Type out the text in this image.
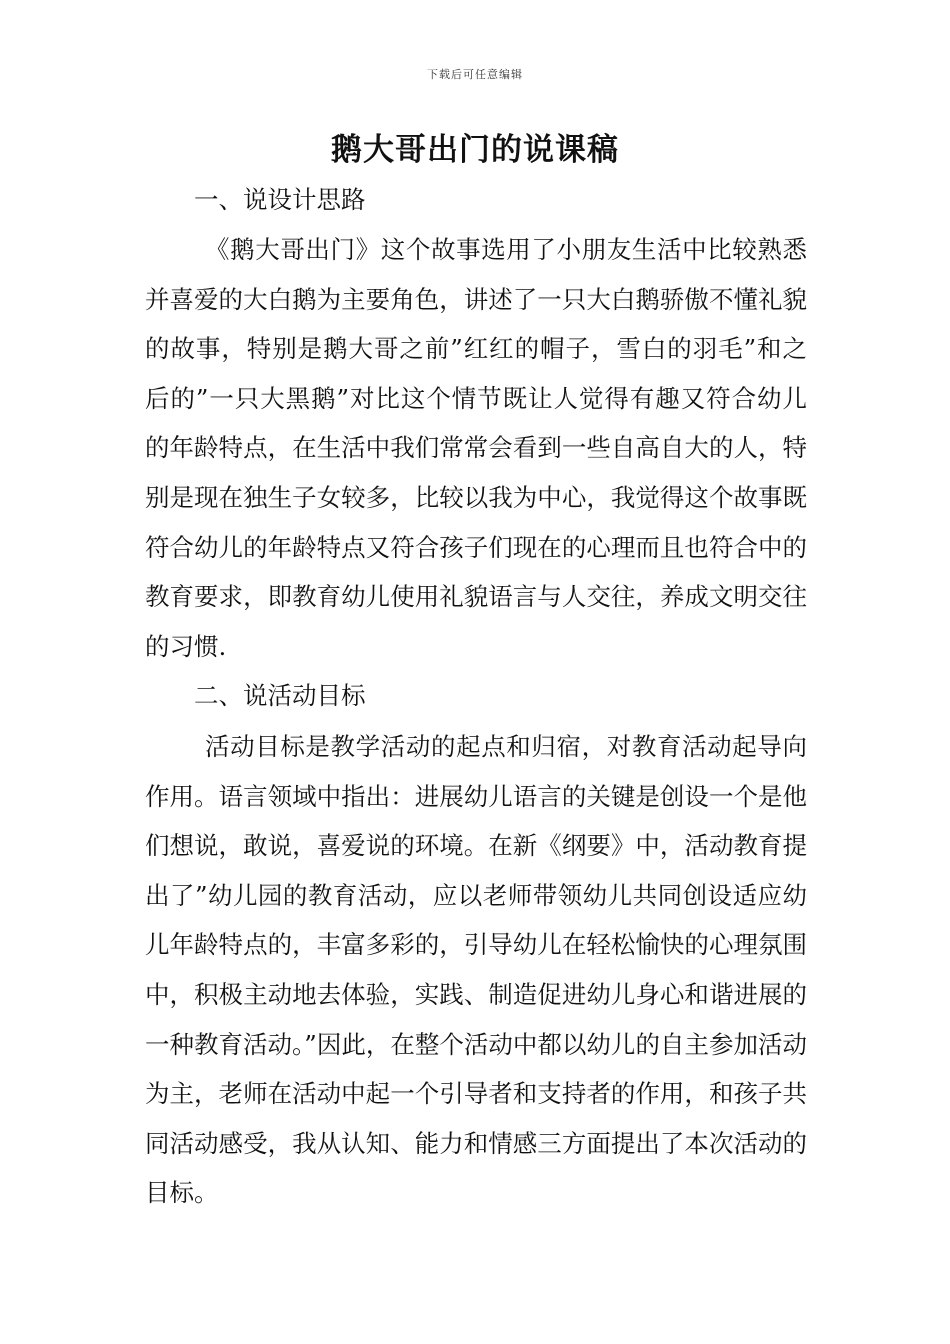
下载后可任意编辑
鹅大哥出门的说课稿
一、说设计思路

《鹅大哥出门》这个故事选用了小朋友生活中比较熟悉并喜爱的大白鹅为主要角色，讲述了一只大白鹅骄傲不懂礼貌的故事，特别是鹅大哥之前”红红的帽子，雪白的羽毛”和之后的”一只大黑鹅”对比这个情节既让人觉得有趣又符合幼儿的年龄特点，在生活中我们常常会看到一些自高自大的人，特别是现在独生子女较多，比较以我为中心，我觉得这个故事既符合幼儿的年龄特点又符合孩子们现在的心理而且也符合中的教育要求，即教育幼儿使用礼貌语言与人交往，养成文明交往的习惯.

二、说活动目标

活动目标是教学活动的起点和归宿，对教育活动起导向作用。语言领域中指出：进展幼儿语言的关键是创设一个是他们想说，敢说，喜爱说的环境。在新《纲要》中，活动教育提出了”幼儿园的教育活动，应以老师带领幼儿共同创设适应幼儿年龄特点的，丰富多彩的，引导幼儿在轻松愉快的心理氛围中，积极主动地去体验，实践、制造促进幼儿身心和谐进展的一种教育活动。”因此，在整个活动中都以幼儿的自主参加活动为主，老师在活动中起一个引导者和支持者的作用，和孩子共同活动感受，我从认知、能力和情感三方面提出了本次活动的目标。
